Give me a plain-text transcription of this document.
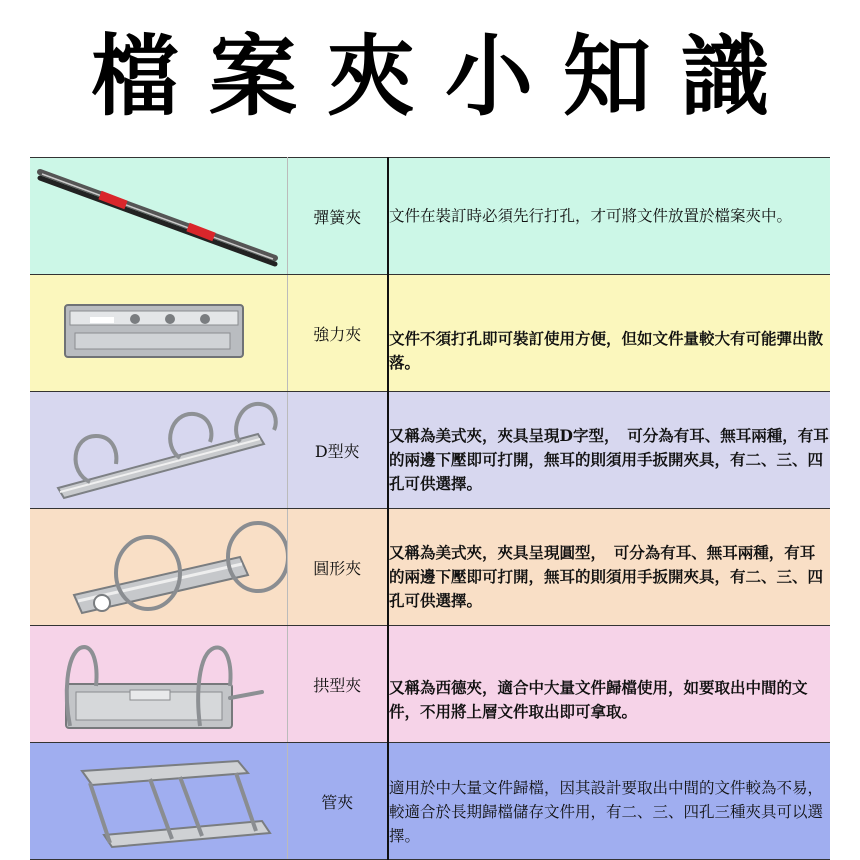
檔案夾小知識
	彈簧夾	文件在裝訂時必須先行打孔，才可將文件放置於檔案夾中。

	強力夾	文件不須打孔即可裝訂使用方便，但如文件量較大有可能彈出散落。

	D型夾	又稱為美式夾，夾具呈現D字型，　可分為有耳、無耳兩種，有耳的兩邊下壓即可打開，無耳的則須用手扳開夾具，有二、三、四孔可供選擇。

	圓形夾	又稱為美式夾，夾具呈現圓型，　可分為有耳、無耳兩種，有耳的兩邊下壓即可打開，無耳的則須用手扳開夾具，有二、三、四孔可供選擇。

	拱型夾	又稱為西德夾，適合中大量文件歸檔使用，如要取出中間的文件，不用將上層文件取出即可拿取。

	管夾	適用於中大量文件歸檔，因其設計要取出中間的文件較為不易，較適合於長期歸檔儲存文件用，有二、三、四孔三種夾具可以選擇。
